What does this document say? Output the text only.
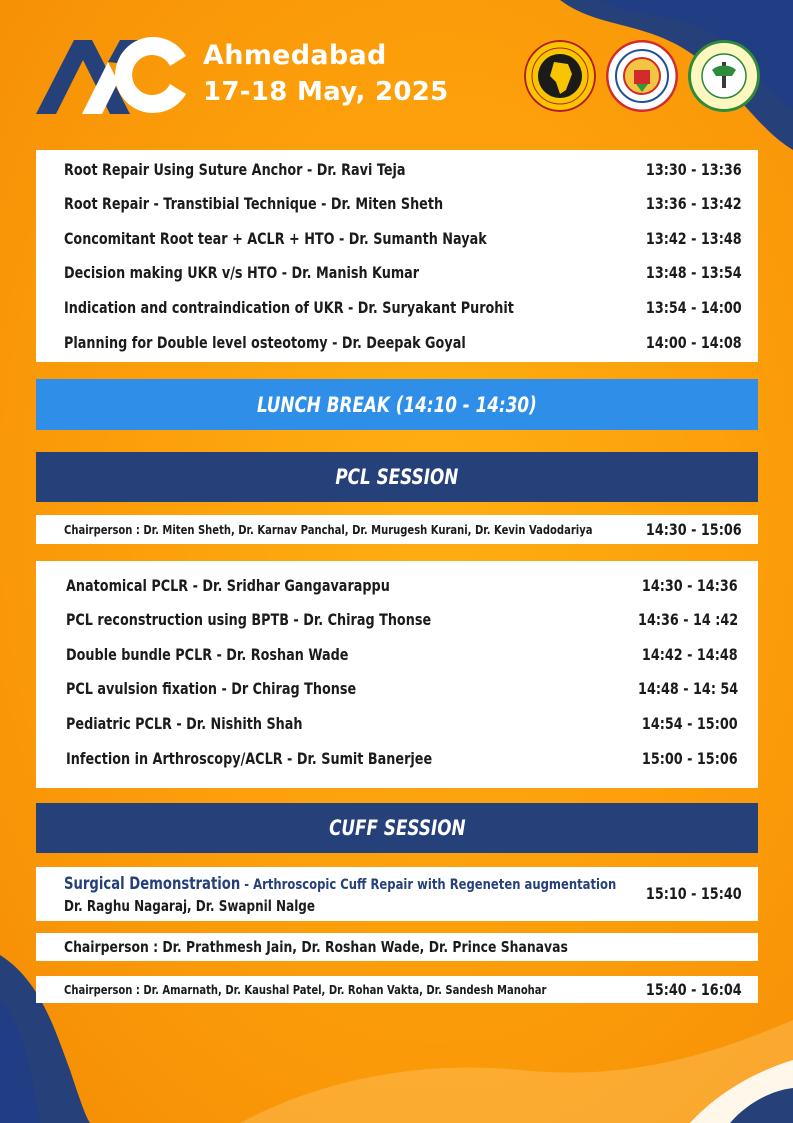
Ahmedabad
17-18 May, 2025
Root Repair Using Suture Anchor - Dr. Ravi Teja	13:30 - 13:36
Root Repair - Transtibial Technique - Dr. Miten Sheth	13:36 - 13:42
Concomitant Root tear + ACLR + HTO - Dr. Sumanth Nayak	13:42 - 13:48
Decision making UKR v/s HTO - Dr. Manish Kumar	13:48 - 13:54
Indication and contraindication of UKR - Dr. Suryakant Purohit	13:54 - 14:00
Planning for Double level osteotomy - Dr. Deepak Goyal	14:00 - 14:08
LUNCH BREAK (14:10 - 14:30)
PCL SESSION
Chairperson : Dr. Miten Sheth, Dr. Karnav Panchal, Dr. Murugesh Kurani, Dr. Kevin Vadodariya	14:30 - 15:06
Anatomical PCLR - Dr. Sridhar Gangavarappu	14:30 - 14:36
PCL reconstruction using BPTB - Dr. Chirag Thonse	14:36 - 14 :42
Double bundle PCLR - Dr. Roshan Wade	14:42 - 14:48
PCL avulsion fixation - Dr Chirag Thonse	14:48 - 14: 54
Pediatric PCLR - Dr. Nishith Shah	14:54 - 15:00
Infection in Arthroscopy/ACLR - Dr. Sumit Banerjee	15:00 - 15:06
CUFF SESSION
Surgical Demonstration - Arthroscopic Cuff Repair with Regeneten augmentation
Dr. Raghu Nagaraj, Dr. Swapnil Nalge
15:10 - 15:40
Chairperson : Dr. Prathmesh Jain, Dr. Roshan Wade, Dr. Prince Shanavas
Chairperson : Dr. Amarnath, Dr. Kaushal Patel, Dr. Rohan Vakta, Dr. Sandesh Manohar	15:40 - 16:04
